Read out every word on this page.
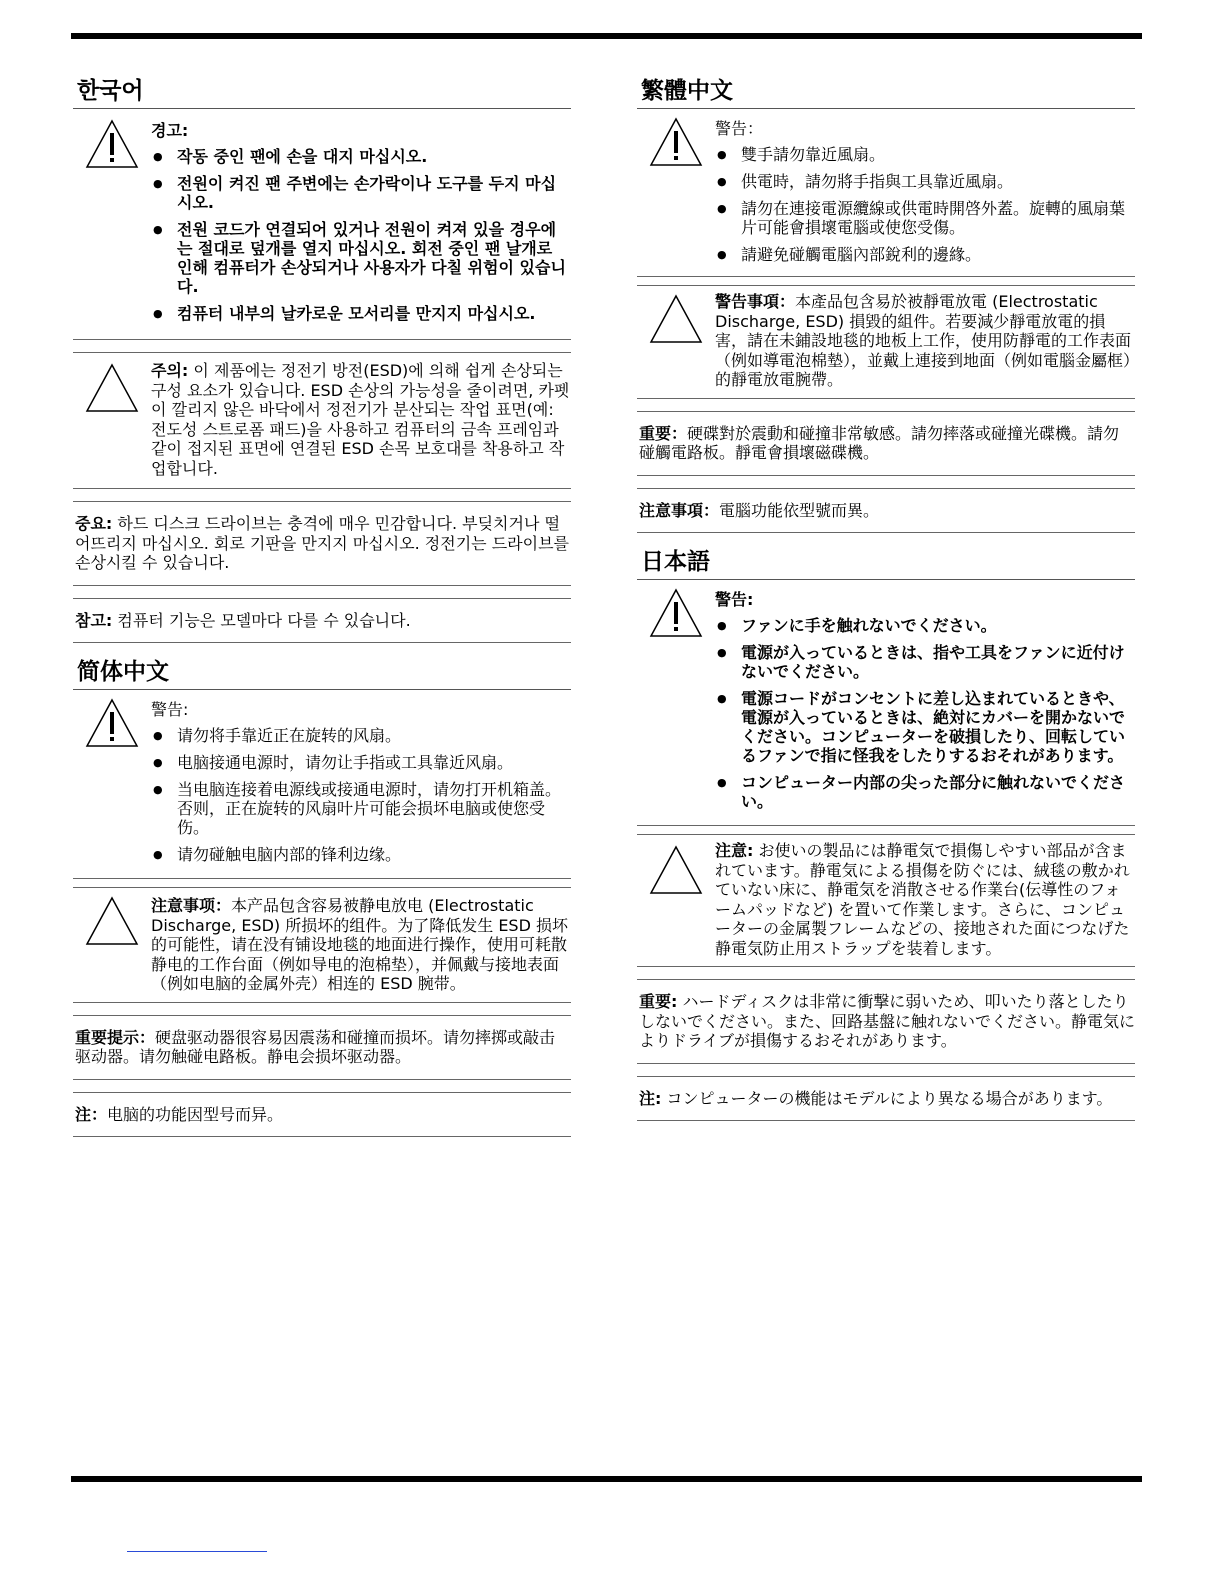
한국어
경고:
● 작동 중인 팬에 손을 대지 마십시오.
● 전원이 켜진 팬 주변에는 손가락이나 도구를 두지 마십시오.
● 전원 코드가 연결되어 있거나 전원이 켜져 있을 경우에는 절대로 덮개를 열지 마십시오. 회전 중인 팬 날개로 인해 컴퓨터가 손상되거나 사용자가 다칠 위험이 있습니다.
● 컴퓨터 내부의 날카로운 모서리를 만지지 마십시오.
주의: 이 제품에는 정전기 방전(ESD)에 의해 쉽게 손상되는 구성 요소가 있습니다. ESD 손상의 가능성을 줄이려면, 카펫이 깔리지 않은 바닥에서 정전기가 분산되는 작업 표면(예: 전도성 스트로폼 패드)을 사용하고 컴퓨터의 금속 프레임과 같이 접지된 표면에 연결된 ESD 손목 보호대를 착용하고 작업합니다.
중요: 하드 디스크 드라이브는 충격에 매우 민감합니다. 부딪치거나 떨어뜨리지 마십시오. 회로 기판을 만지지 마십시오. 정전기는 드라이브를 손상시킬 수 있습니다.
참고: 컴퓨터 기능은 모델마다 다를 수 있습니다.
简体中文
警告:
● 请勿将手靠近正在旋转的风扇。
● 电脑接通电源时，请勿让手指或工具靠近风扇。
● 当电脑连接着电源线或接通电源时，请勿打开机箱盖。否则，正在旋转的风扇叶片可能会损坏电脑或使您受伤。
● 请勿碰触电脑内部的锋利边缘。
注意事项：本产品包含容易被静电放电 (Electrostatic Discharge, ESD) 所损坏的组件。为了降低发生 ESD 损坏的可能性，请在没有铺设地毯的地面进行操作，使用可耗散静电的工作台面（例如导电的泡棉垫），并佩戴与接地表面（例如电脑的金属外壳）相连的 ESD 腕带。
重要提示：硬盘驱动器很容易因震荡和碰撞而损坏。请勿摔掷或敲击驱动器。请勿触碰电路板。静电会损坏驱动器。
注：电脑的功能因型号而异。
繁體中文
警告：
● 雙手請勿靠近風扇。
● 供電時，請勿將手指與工具靠近風扇。
● 請勿在連接電源纜線或供電時開啓外蓋。旋轉的風扇葉片可能會損壞電腦或使您受傷。
● 請避免碰觸電腦內部銳利的邊緣。
警告事項：本產品包含易於被靜電放電 (Electrostatic Discharge, ESD) 損毀的組件。若要減少靜電放電的損害，請在未鋪設地毯的地板上工作，使用防靜電的工作表面（例如導電泡棉墊），並戴上連接到地面（例如電腦金屬框）的靜電放電腕帶。
重要：硬碟對於震動和碰撞非常敏感。請勿摔落或碰撞光碟機。請勿碰觸電路板。靜電會損壞磁碟機。
注意事項：電腦功能依型號而異。
日本語
警告:
● ファンに手を触れないでください。
● 電源が入っているときは、指や工具をファンに近付けないでください。
● 電源コードがコンセントに差し込まれているときや、電源が入っているときは、絶対にカバーを開かないでください。コンピューターを破損したり、回転しているファンで指に怪我をしたりするおそれがあります。
● コンピューター内部の尖った部分に触れないでください。
注意: お使いの製品には静電気で損傷しやすい部品が含まれています。静電気による損傷を防ぐには、絨毯の敷かれていない床に、静電気を消散させる作業台(伝導性のフォームパッドなど) を置いて作業します。さらに、コンピューターの金属製フレームなどの、接地された面につなげた静電気防止用ストラップを装着します。
重要: ハードディスクは非常に衝撃に弱いため、叩いたり落としたりしないでください。また、回路基盤に触れないでください。静電気によりドライブが損傷するおそれがあります。
注: コンピューターの機能はモデルにより異なる場合があります。
